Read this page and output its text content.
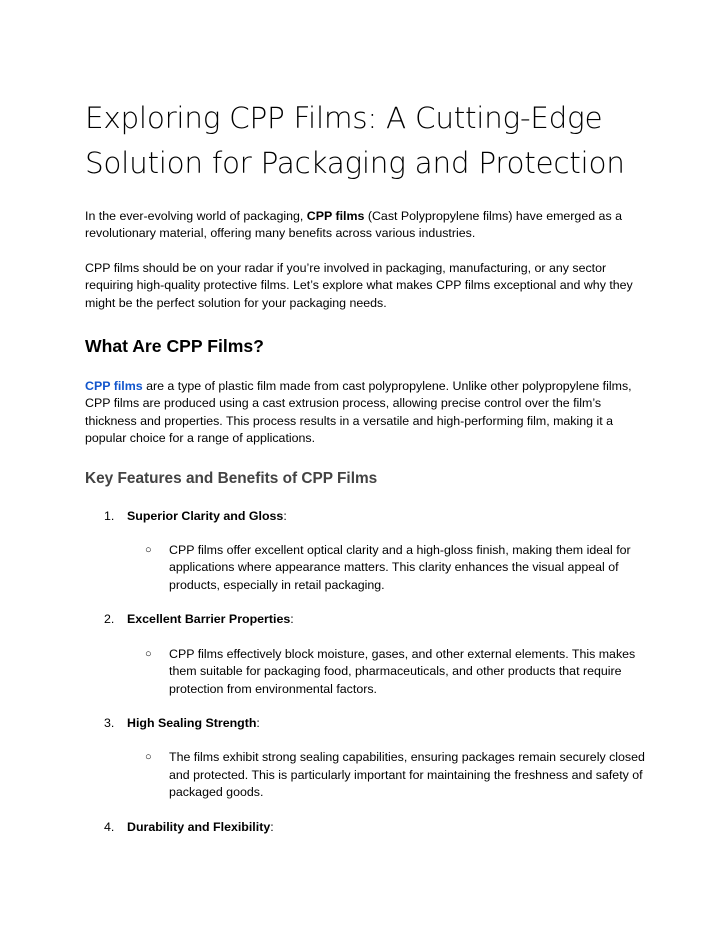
Exploring CPP Films: A Cutting-Edge Solution for Packaging and Protection

In the ever-evolving world of packaging, CPP films (Cast Polypropylene films) have emerged as a revolutionary material, offering many benefits across various industries.

CPP films should be on your radar if you’re involved in packaging, manufacturing, or any sector requiring high-quality protective films. Let’s explore what makes CPP films exceptional and why they might be the perfect solution for your packaging needs.

What Are CPP Films?

CPP films are a type of plastic film made from cast polypropylene. Unlike other polypropylene films, CPP films are produced using a cast extrusion process, allowing precise control over the film’s thickness and properties. This process results in a versatile and high-performing film, making it a popular choice for a range of applications.

Key Features and Benefits of CPP Films
1.	Superior Clarity and Gloss:
○ CPP films offer excellent optical clarity and a high-gloss finish, making them ideal for applications where appearance matters. This clarity enhances the visual appeal of products, especially in retail packaging.
2.	Excellent Barrier Properties:
○ CPP films effectively block moisture, gases, and other external elements. This makes them suitable for packaging food, pharmaceuticals, and other products that require protection from environmental factors.
3.	High Sealing Strength:
○ The films exhibit strong sealing capabilities, ensuring packages remain securely closed and protected. This is particularly important for maintaining the freshness and safety of packaged goods.
4.	Durability and Flexibility:
